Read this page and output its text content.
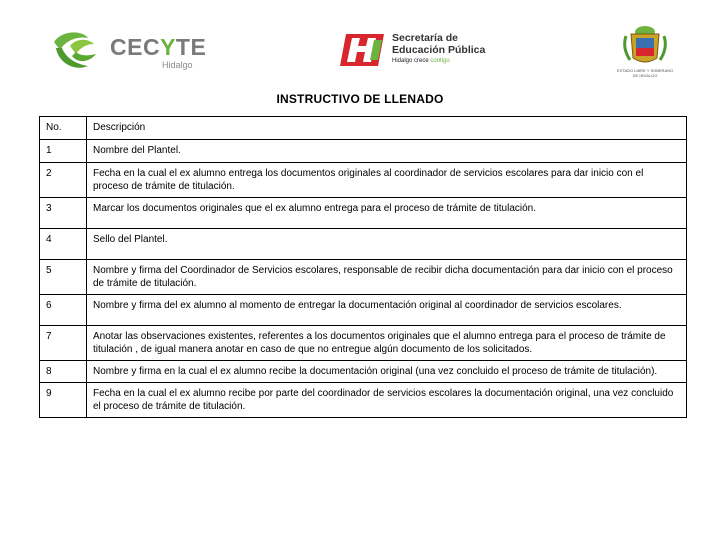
CECYTE
Hidalgo
Secretaría de
Educación Pública
Hidalgo crece contigo
ESTADO LIBRE Y SOBERANO
DE HIDALGO
INSTRUCTIVO DE LLENADO
No.	Descripción
1	Nombre del Plantel.
2	Fecha en la cual el ex alumno entrega los documentos originales al coordinador de servicios escolares para dar inicio con el proceso de trámite de titulación.
3	Marcar los documentos originales que el ex alumno entrega para el proceso de trámite de titulación.
4	Sello del Plantel.
5	Nombre y firma del Coordinador de Servicios escolares, responsable de recibir dicha documentación para dar inicio con el proceso de trámite de titulación.
6	Nombre y firma del ex alumno al momento de entregar la documentación original al coordinador de servicios escolares.
7	Anotar las observaciones existentes, referentes a los documentos originales que el alumno entrega para el proceso de trámite de titulación , de igual manera anotar en caso de que no entregue algún documento de los solicitados.
8	Nombre y firma en la cual el ex alumno recibe la documentación original (una vez concluido el proceso de trámite de titulación).
9	Fecha en la cual el ex alumno recibe por parte del coordinador de servicios escolares la documentación original, una vez concluido el proceso de trámite de titulación.
